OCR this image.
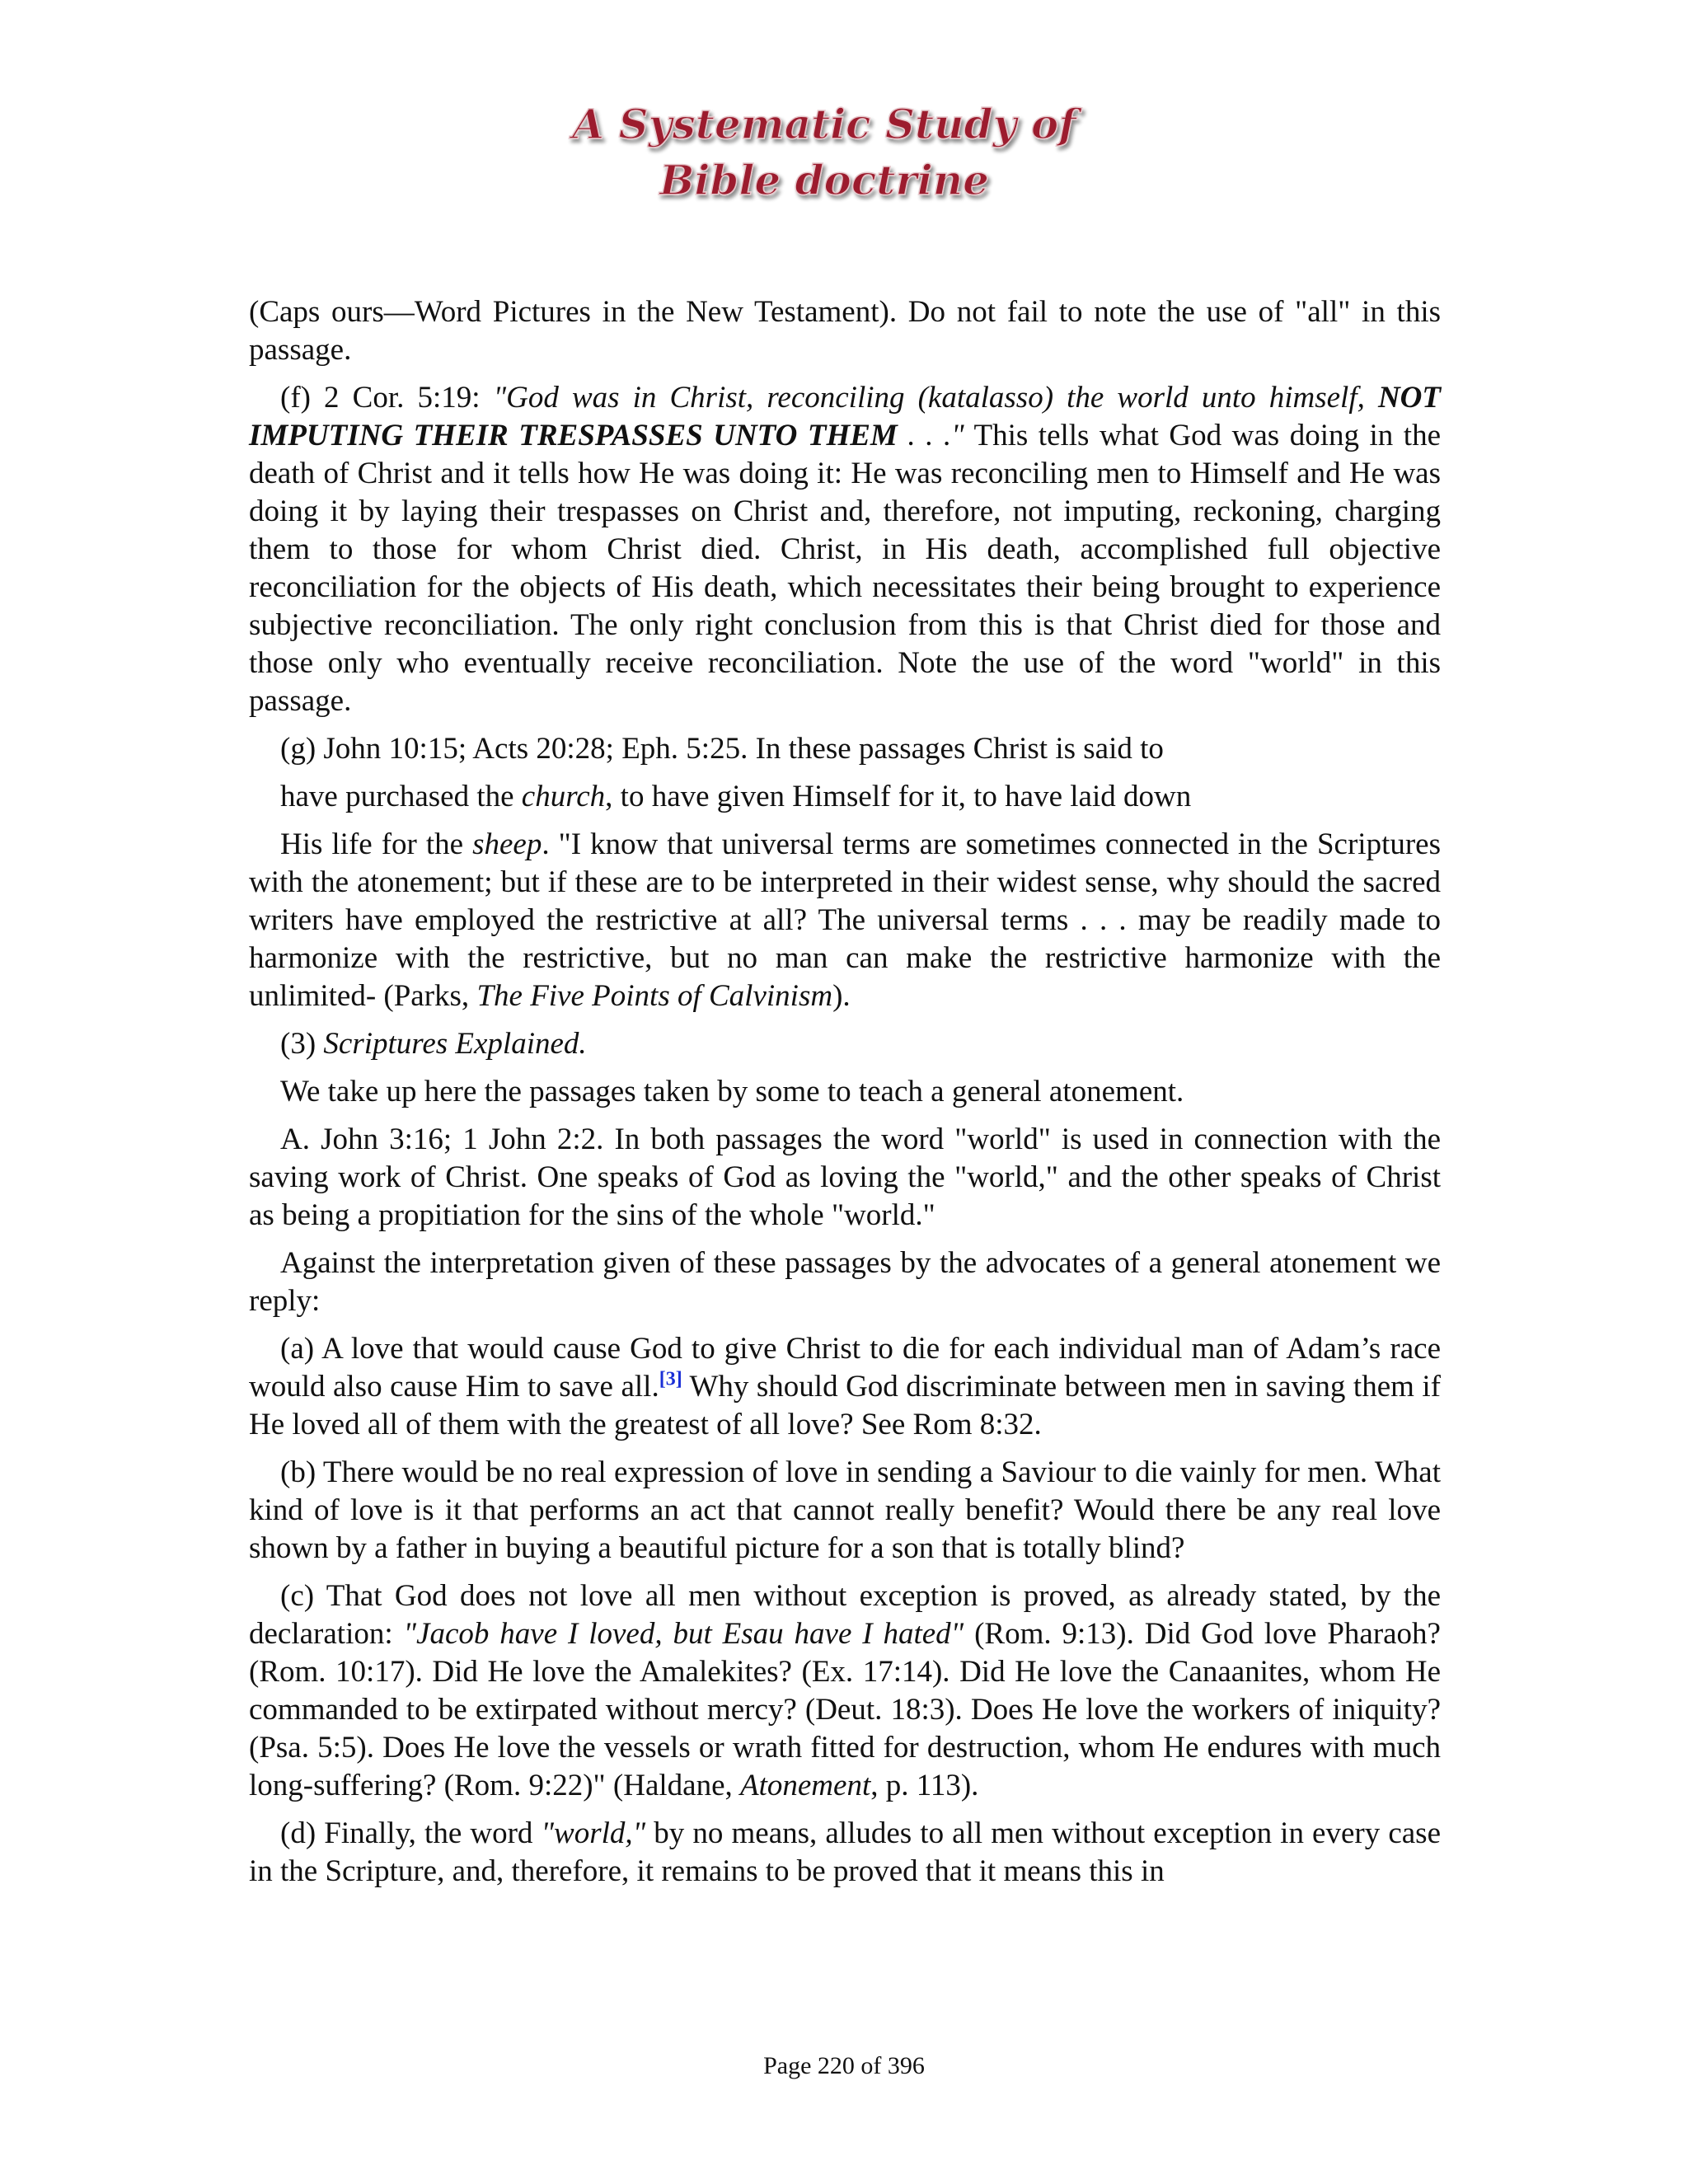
A Systematic Study of
Bible doctrine

(Caps ours—Word Pictures in the New Testament). Do not fail to note the use of "all" in this passage.

(f) 2 Cor. 5:19: "God was in Christ, reconciling (katalasso) the world unto himself, NOT IMPUTING THEIR TRESPASSES UNTO THEM . . ." This tells what God was doing in the death of Christ and it tells how He was doing it: He was reconciling men to Himself and He was doing it by laying their trespasses on Christ and, therefore, not imputing, reckoning, charging them to those for whom Christ died. Christ, in His death, accomplished full objective reconciliation for the objects of His death, which necessitates their being brought to experience subjective reconciliation. The only right conclusion from this is that Christ died for those and those only who eventually receive reconciliation. Note the use of the word "world" in this passage.

(g) John 10:15; Acts 20:28; Eph. 5:25. In these passages Christ is said to

have purchased the church, to have given Himself for it, to have laid down

His life for the sheep. "I know that universal terms are sometimes connected in the Scriptures with the atonement; but if these are to be interpreted in their widest sense, why should the sacred writers have employed the restrictive at all? The universal terms . . . may be readily made to harmonize with the restrictive, but no man can make the restrictive harmonize with the unlimited- (Parks, The Five Points of Calvinism).

(3) Scriptures Explained.

We take up here the passages taken by some to teach a general atonement.

A. John 3:16; 1 John 2:2. In both passages the word "world" is used in connection with the saving work of Christ. One speaks of God as loving the "world," and the other speaks of Christ as being a propitiation for the sins of the whole "world."

Against the interpretation given of these passages by the advocates of a general atonement we reply:

(a) A love that would cause God to give Christ to die for each individual man of Adam’s race would also cause Him to save all.[3] Why should God discriminate between men in saving them if He loved all of them with the greatest of all love? See Rom 8:32.

(b) There would be no real expression of love in sending a Saviour to die vainly for men. What kind of love is it that performs an act that cannot really benefit? Would there be any real love shown by a father in buying a beautiful picture for a son that is totally blind?

(c) That God does not love all men without exception is proved, as already stated, by the declaration: "Jacob have I loved, but Esau have I hated" (Rom. 9:13). Did God love Pharaoh? (Rom. 10:17). Did He love the Amalekites? (Ex. 17:14). Did He love the Canaanites, whom He commanded to be extirpated without mercy? (Deut. 18:3). Does He love the workers of iniquity? (Psa. 5:5). Does He love the vessels or wrath fitted for destruction, whom He endures with much long-suffering? (Rom. 9:22)" (Haldane, Atonement, p. 113).

(d) Finally, the word "world," by no means, alludes to all men without exception in every case in the Scripture, and, therefore, it remains to be proved that it means this in

Page 220 of 396
